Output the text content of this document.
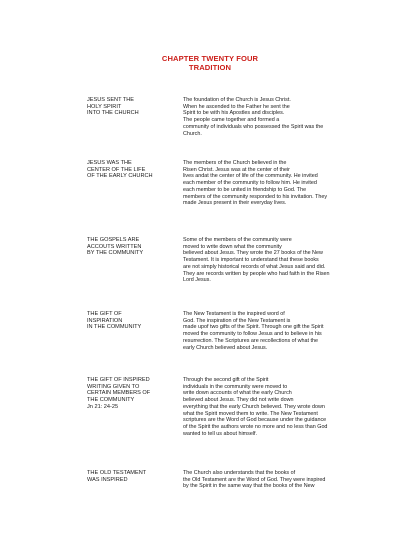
CHAPTER TWENTY FOUR
TRADITION
JESUS SENT THE
HOLY SPIRIT
INTO THE CHURCH
The foundation of the Church is Jesus Christ.
When he ascended to the Father he sent the
Spirit to be with his Apostles and disciples.
The people came together and formed a
community of individuals who possessed the Spirit was the
Church.
JESUS WAS THE
CENTER OF THE LIFE
OF THE EARLY CHURCH
The members of the Church believed in the
Risen Christ. Jesus was at the center of their
lives andat the center of life of the community. He invited
each member of the community to follow him. He invited
each member to be united in friendship to God. The
members of the community responded to his invitation. They
made Jesus present in their everyday lives.
THE GOSPELS ARE
ACCOUTS WRITTEN
BY THE COMMUNITY
Some of the members of the community were
moved to write down what the community
believed about Jesus. They wrote the 27 books of the New
Testament. It is important to understand that these books
are not simply historical records of what Jesus said and did.
They are records written by people who had faith in the Risen
Lord Jesus.
THE GIFT OF
INSPIRATION
IN THE COMMUNITY
The New Testament is the inspired word of
God. The inspiration of the New Testament is
made upof two gifts of the Spirit. Through one gift the Spirit
moved the community to follow Jesus and to believe in his
resurrection. The Scriptures are recollections of what the
early Church believed about Jesus.
THE GIFT OF INSPIRED
WRITING GIVEN TO
CERTAIN MEMBERS OF
THE COMMUNITY
Jn 21: 24-25
Through the second gift of the Spirit
individuals in the community were moved to
write down accounts of what the early Church
believed about Jesus. They did not write down
everything that the early Church believed. They wrote down
what the Spirit moved them to write. The New Testament
scriptures are the Word of God because under the guidance
of the Spirit the authors wrote no more and no less than God
wanted to tell us about himself.
THE OLD TESTAMENT
WAS INSPIRED
The Church also understands that the books of
the Old Testament are the Word of God. They were inspired
by the Spirit in the same way that the books of the New
